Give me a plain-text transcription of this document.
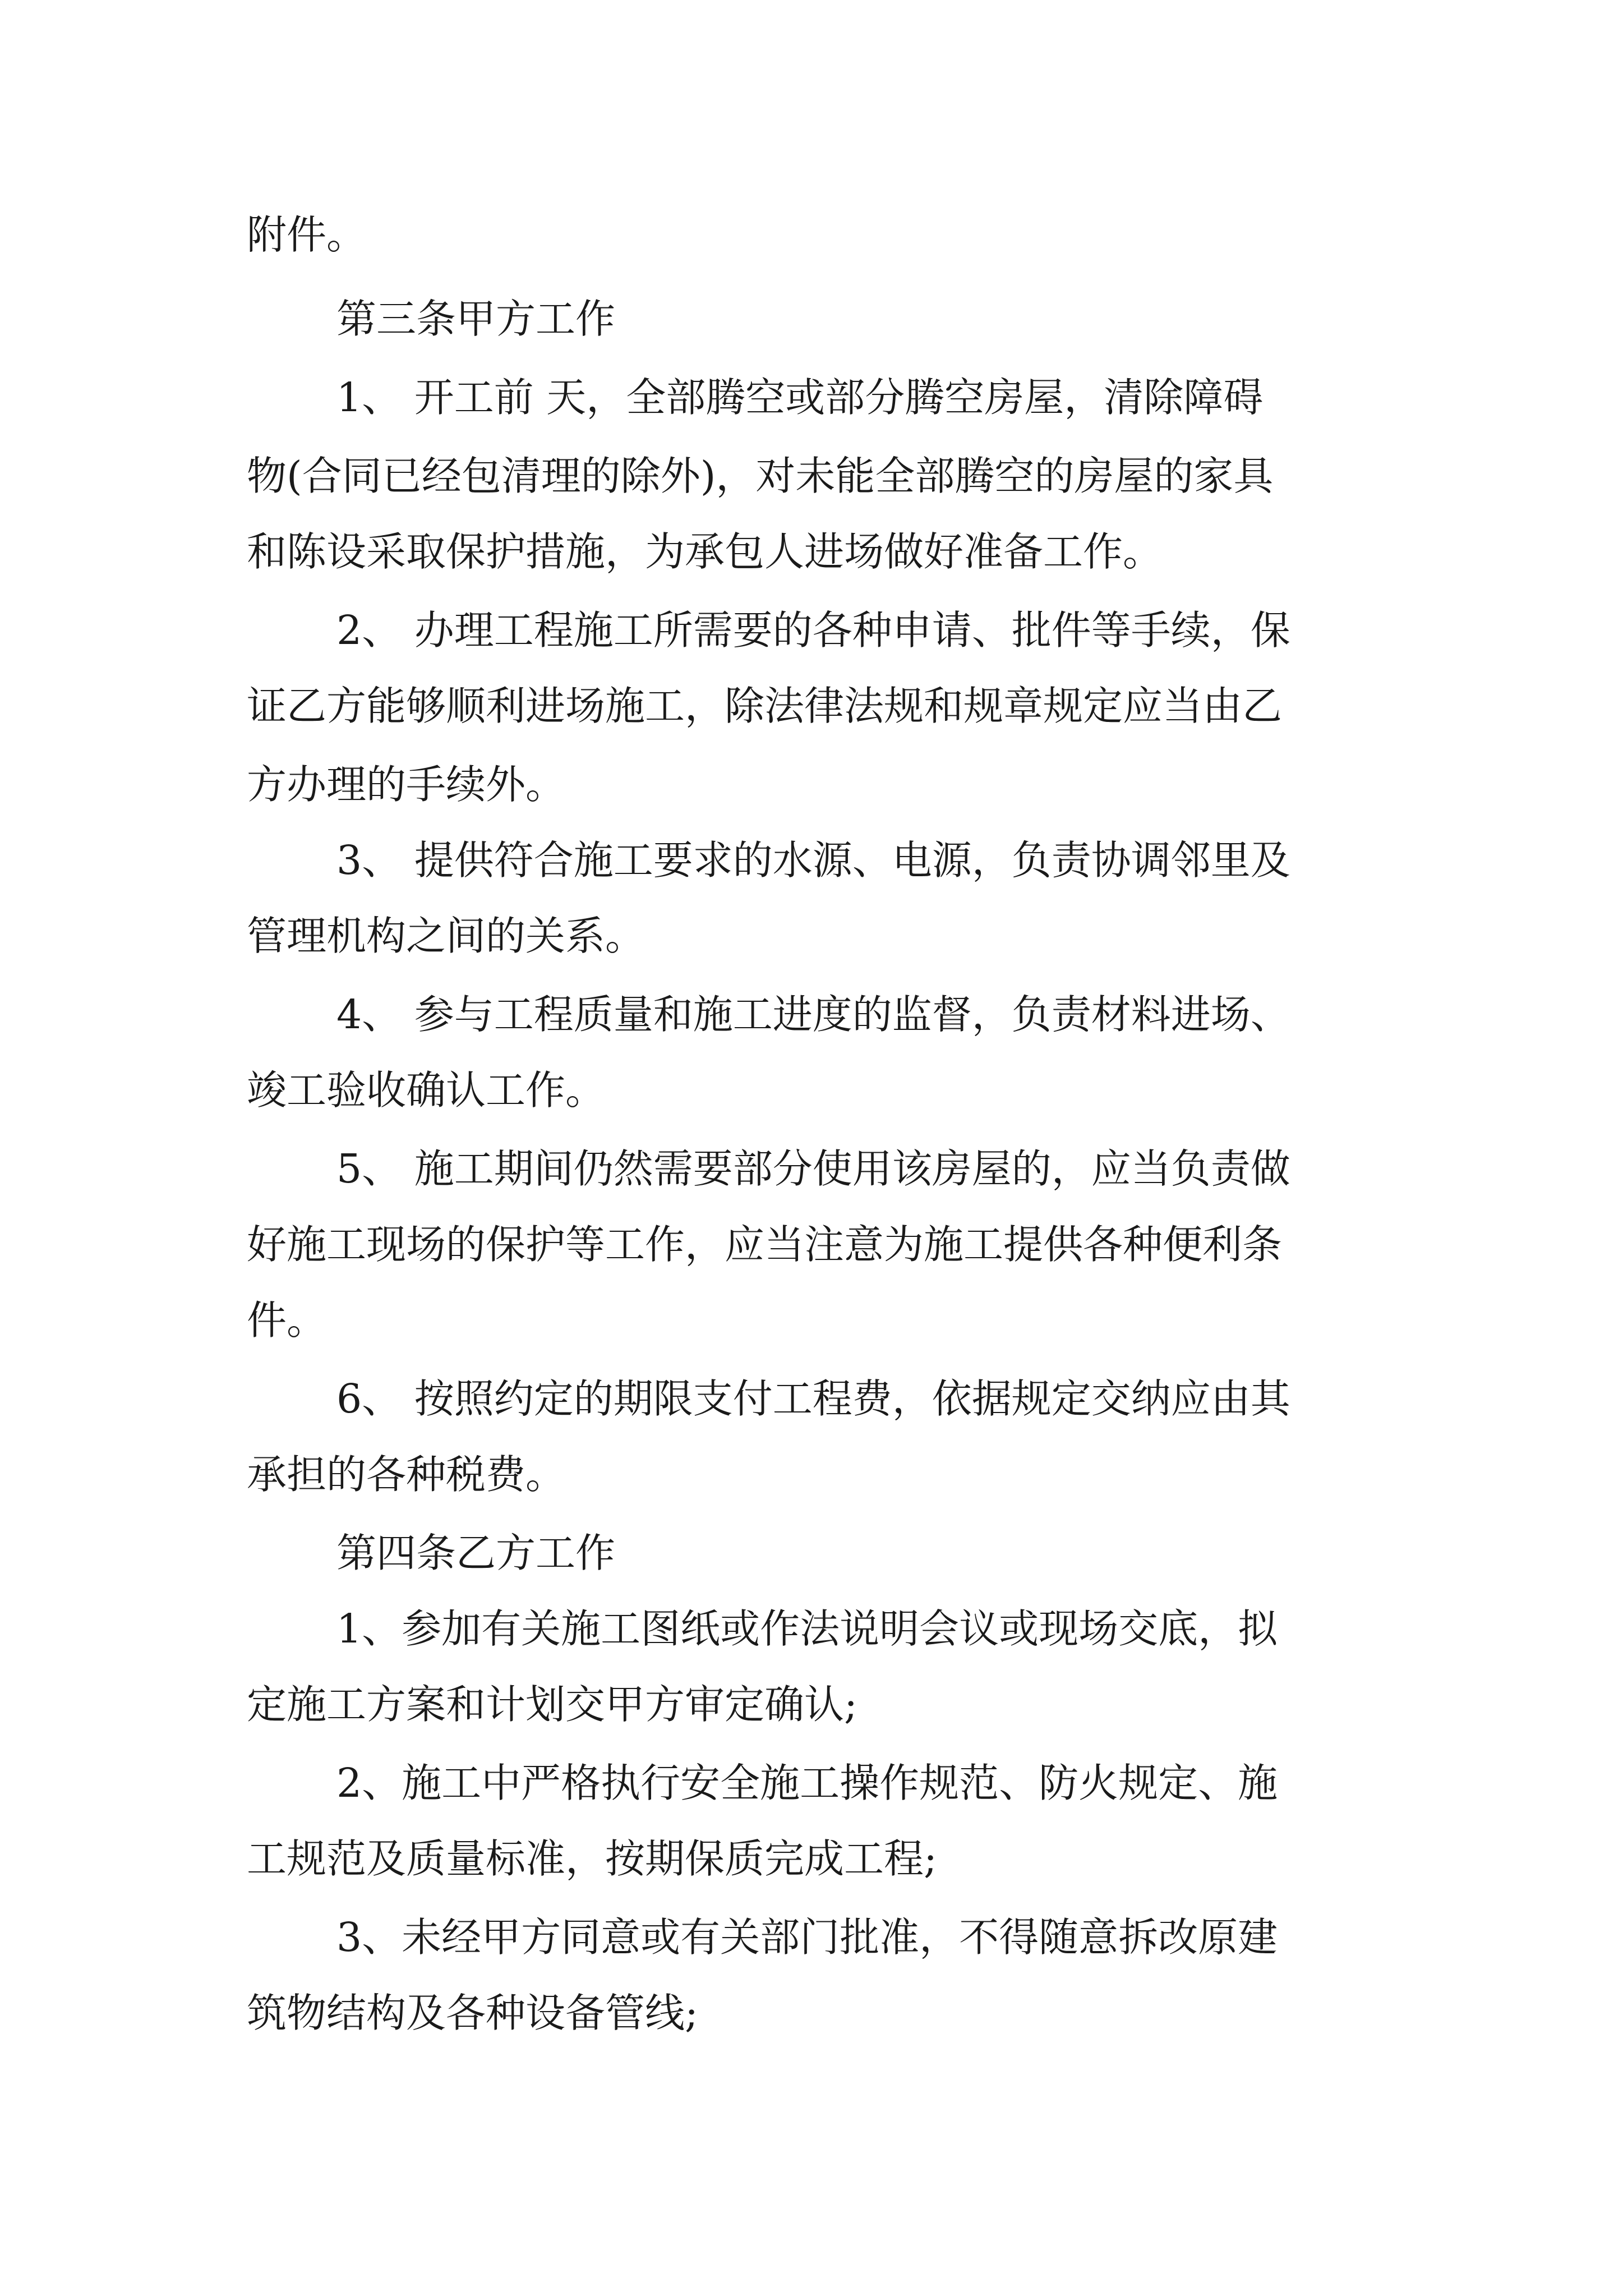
附件。

第三条甲方工作

1、 开工前 天，全部腾空或部分腾空房屋，清除障碍

物(合同已经包清理的除外)，对未能全部腾空的房屋的家具

和陈设采取保护措施，为承包人进场做好准备工作。

2、 办理工程施工所需要的各种申请、批件等手续，保

证乙方能够顺利进场施工，除法律法规和规章规定应当由乙

方办理的手续外。

3、 提供符合施工要求的水源、电源，负责协调邻里及

管理机构之间的关系。

4、 参与工程质量和施工进度的监督，负责材料进场、

竣工验收确认工作。

5、 施工期间仍然需要部分使用该房屋的，应当负责做

好施工现场的保护等工作，应当注意为施工提供各种便利条

件。

6、 按照约定的期限支付工程费，依据规定交纳应由其

承担的各种税费。

第四条乙方工作

1、参加有关施工图纸或作法说明会议或现场交底，拟

定施工方案和计划交甲方审定确认;

2、施工中严格执行安全施工操作规范、防火规定、施

工规范及质量标准，按期保质完成工程;

3、未经甲方同意或有关部门批准，不得随意拆改原建

筑物结构及各种设备管线;
